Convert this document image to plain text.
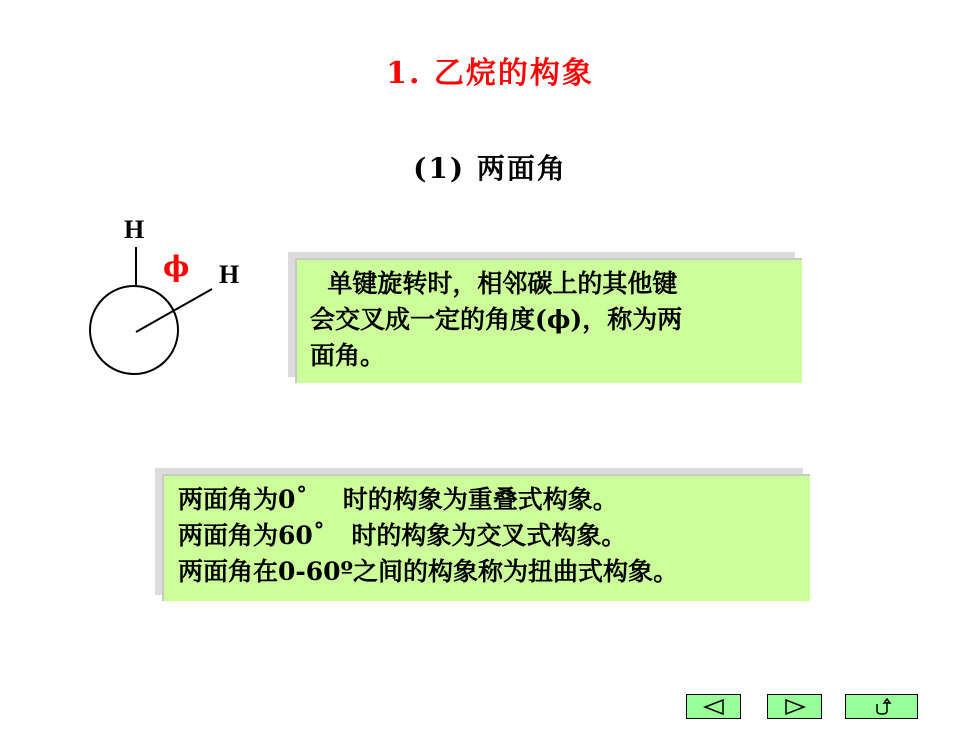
1. 乙烷的构象
(1) 两面角
H
H
ϕ

单键旋转时，相邻碳上的其他键

会交叉成一定的角度(ϕ)，称为两

面角。

两面角为0˚    时的构象为重叠式构象。

两面角为60˚   时的构象为交叉式构象。

两面角在0-60º之间的构象称为扭曲式构象。
